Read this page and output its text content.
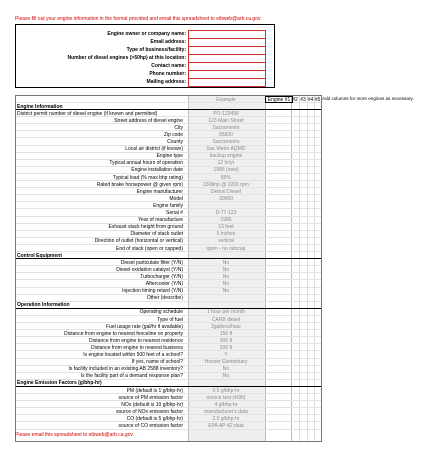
Please fill out your engine information in the format provided and email this spreadsheet to eibweb@arb.ca.gov
Engine owner or company name:
Email address:
Type of business/facility:
Number of diesel engines (>50hp) at this location:
Contact name:
Phone number:
Mailing address:
Example	Engine #1 #2 #3 #4 #5
Engine Information
District permit number of diesel engine (if known and permitted)	PO-123456
Street address of diesel engine	123 Main Street
City	Sacramento
Zip code	95820
County	Sacramento
Local air district (if known)	Sac Metro AQMD
Engine type	backup engine
Typical annual hours of operation	12 hr/yr
Engine installation date	1986 (new)
Typical load (% max bhp rating)	85%
Rated brake horsepower @ given rpm)	330bhp @ 2200 rpm
Engine manufacturer	Detroit Diesel
Model	30060
Engine family
Serial #	D-77-123
Year of manufacture	1986
Exhaust stack height from ground	13 feet
Diameter of stack outlet	5 inches
Direction of outlet (horizontal or vertical)	vertical
End of stack (open or capped)	open - no raincap
Control Equipment
Diesel particulate filter (Y/N)	No
Diesel oxidation catalyst (Y/N)	No
Turbocharger (Y/N)	No
Aftercooler (Y/N)	No
Injection timing retard (Y/N)	No
Other (describe)
Operation Information
Operating schedule	1 hour per month
Type of fuel	CARB diesel
Fuel usage rate (gal/hr if available)	2gallons/hour
Distance from engine to nearest fenceline on property	150 ft
Distance from engine to nearest residence	300 ft
Distance from engine to nearest business	200 ft
Is engine located within 500 feet of a school?	Y
If yes, name of school?	Hoover Elementary
Is facility included in an existing AB 2588 inventory?	No
Is the facility part of a demand response plan?	No
Engine Emission Factors (g/bhp-hr)
PM (default is 1 g/bhp-hr)	0.5 g/bhp-hr
source of PM emission factor	source test (4/96)
NOx (default is 10 g/bhp-hr)	4 g/bhp-hr
source of NOx emission factor	manufacturer's data
CO (default is 5 g/bhp-hr)	2.5 g/bhp-hr
source of CO emission factor	EPA AP-42 data
Add columns for more engines as necessary.
Please email this spreadsheet to eibweb@arb.ca.gov
